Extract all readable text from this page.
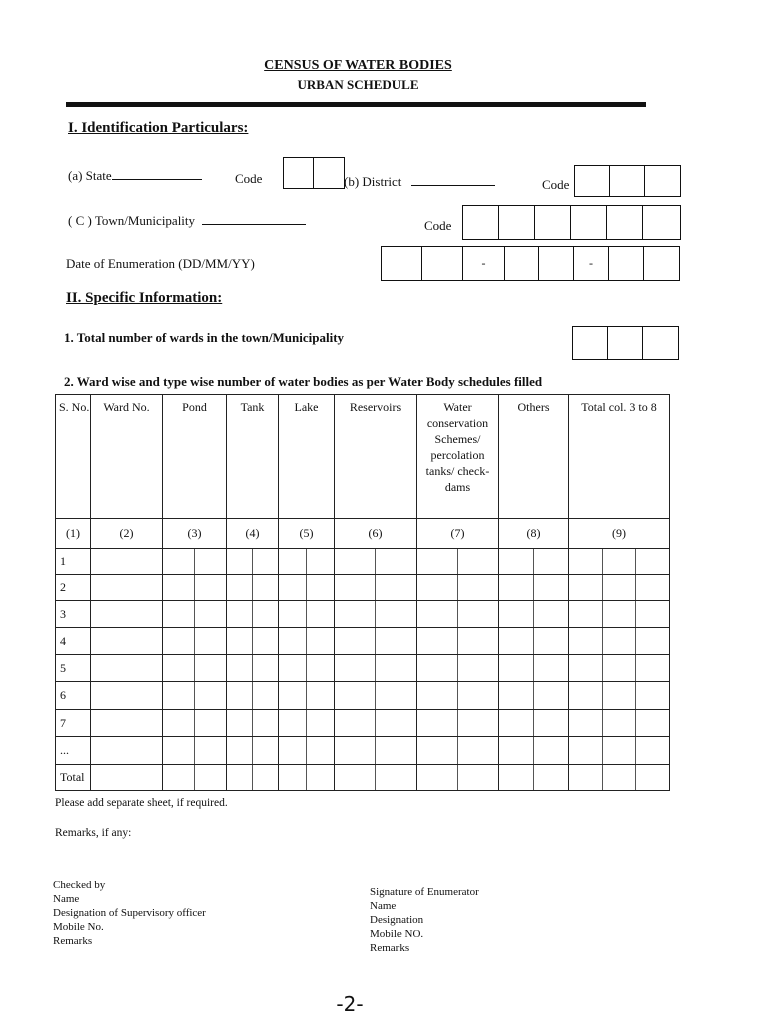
CENSUS OF WATER BODIES
URBAN SCHEDULE
I. Identification Particulars:
(a) State	Code	(b) District	Code
( C ) Town/Municipality	Code
Date of Enumeration (DD/MM/YY)	-	-
II. Specific Information:
1. Total number of wards in the town/Municipality
2. Ward wise and type wise number of water bodies as per Water Body schedules filled
S. No.	Ward No.	Pond	Tank	Lake	Reservoirs	Water conservation Schemes/ percolation tanks/ check-dams	Others	Total col. 3 to 8
(1)	(2)	(3)	(4)	(5)	(6)	(7)	(8)	(9)
1		

2		

3		

4		

5		

6		

7		

...		

Total		

Please add separate sheet, if required.
Remarks, if any:
Checked by
Name
Designation of Supervisory officer
Mobile No.
Remarks
Signature of Enumerator
Name
Designation
Mobile NO.
Remarks
-2-
